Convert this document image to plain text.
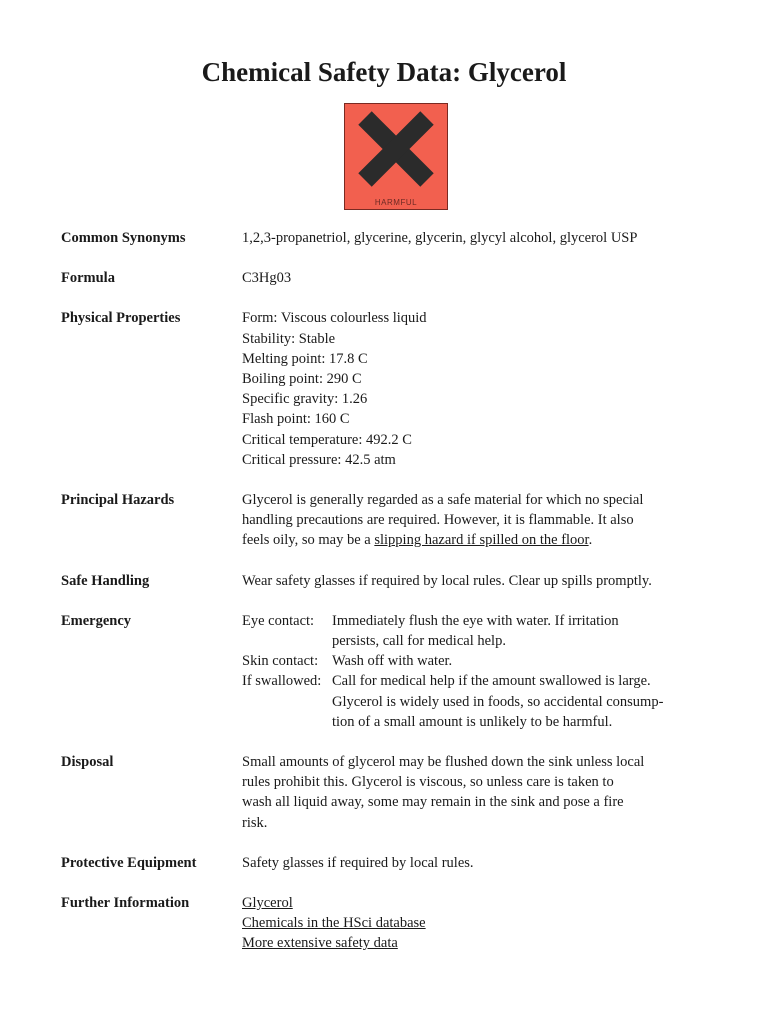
Chemical Safety Data: Glycerol
HARMFUL
Common Synonyms	1,2,3-propanetriol, glycerine, glycerin, glycyl alcohol, glycerol USP
Formula	C3Hg03
Physical Properties	Form: Viscous colourless liquid
Stability: Stable
Melting point: 17.8 C
Boiling point: 290 C
Specific gravity: 1.26
Flash point: 160 C
Critical temperature: 492.2 C
Critical pressure: 42.5 atm
Principal Hazards	Glycerol is generally regarded as a safe material for which no special
handling precautions are required. However, it is flammable. It also
feels oily, so may be a slipping hazard if spilled on the floor.
Safe Handling	Wear safety glasses if required by local rules. Clear up spills promptly.
Emergency	Eye contact:	Immediately flush the eye with water. If irritation
persists, call for medical help.
Skin contact: Wash off with water.
If swallowed: Call for medical help if the amount swallowed is large.
Glycerol is widely used in foods, so accidental consump-
tion of a small amount is unlikely to be harmful.
Disposal	Small amounts of glycerol may be flushed down the sink unless local
rules prohibit this. Glycerol is viscous, so unless care is taken to
wash all liquid away, some may remain in the sink and pose a fire
risk.
Protective Equipment	Safety glasses if required by local rules.
Further Information	Glycerol
Chemicals in the HSci database
More extensive safety data
